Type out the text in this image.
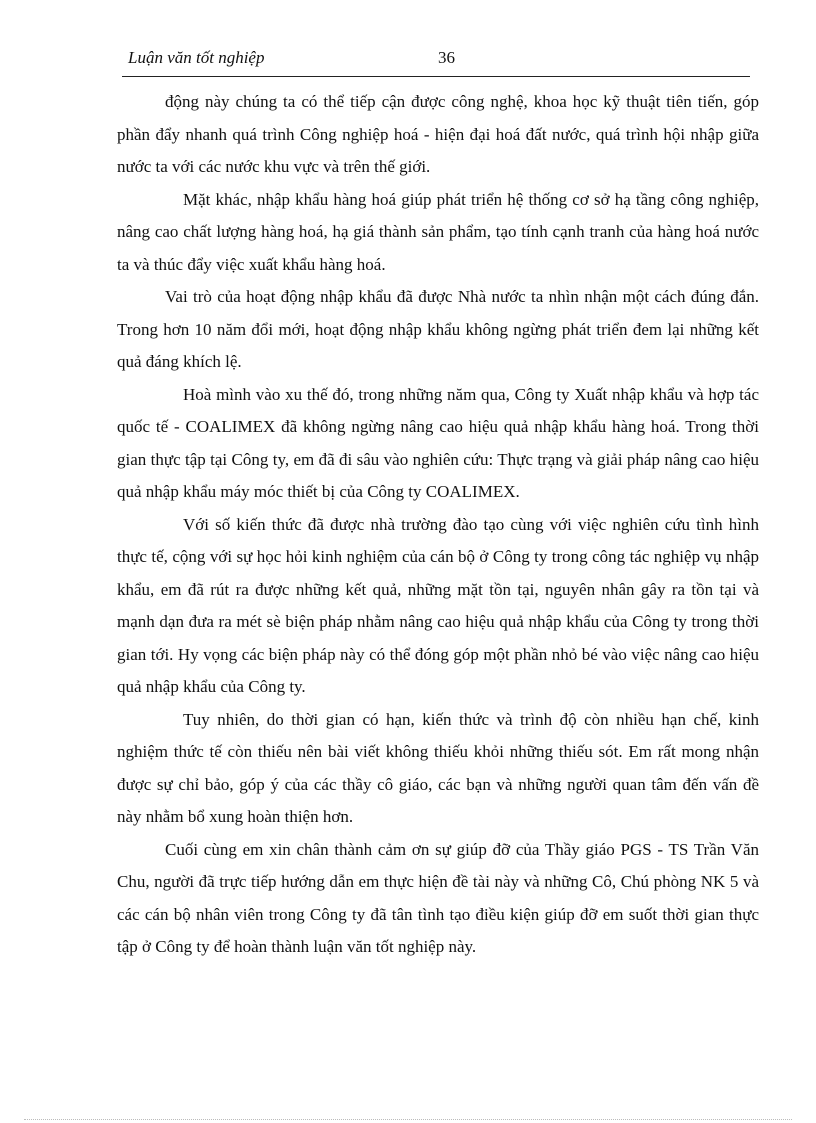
Luận văn tốt nghiệp	36

động này chúng ta có thể tiếp cận được công nghệ, khoa học kỹ thuật tiên tiến, góp phần đẩy nhanh quá trình Công nghiệp hoá - hiện đại hoá đất nước, quá trình hội nhập giữa nước ta với các nước khu vực và trên thế giới.

Mặt khác, nhập khẩu hàng hoá giúp phát triển hệ thống cơ sở hạ tầng công nghiệp, nâng cao chất lượng hàng hoá, hạ giá thành sản phẩm, tạo tính cạnh tranh của hàng hoá nước ta và thúc đẩy việc xuất khẩu hàng hoá.

Vai trò của hoạt động nhập khẩu đã được Nhà nước ta nhìn nhận một cách đúng đắn. Trong hơn 10 năm đổi mới, hoạt động nhập khẩu không ngừng phát triển đem lại những kết quả đáng khích lệ.

Hoà mình vào xu thế đó, trong những năm qua, Công ty Xuất nhập khẩu và hợp tác quốc tế - COALIMEX đã không ngừng nâng cao hiệu quả nhập khẩu hàng hoá. Trong thời gian thực tập tại Công ty, em đã đi sâu vào nghiên cứu: Thực trạng và giải pháp nâng cao hiệu quả nhập khẩu máy móc thiết bị của Công ty COALIMEX.

Với số kiến thức đã được nhà trường đào tạo cùng với việc nghiên cứu tình hình thực tế, cộng với sự học hỏi kinh nghiệm của cán bộ ở Công ty trong công tác nghiệp vụ nhập khẩu, em đã rút ra được những kết quả, những mặt tồn tại, nguyên nhân gây ra tồn tại và mạnh dạn đưa ra mét sè biện pháp nhằm nâng cao hiệu quả nhập khẩu của Công ty trong thời gian tới. Hy vọng các biện pháp này có thể đóng góp một phần nhỏ bé vào việc nâng cao hiệu quả nhập khẩu của Công ty.

Tuy nhiên, do thời gian có hạn, kiến thức và trình độ còn nhiều hạn chế, kinh nghiệm thức tế còn thiếu nên bài viết không thiếu khỏi những thiếu sót. Em rất mong nhận được sự chỉ bảo, góp ý của các thầy cô giáo, các bạn và những người quan tâm đến vấn đề này nhằm bổ xung hoàn thiện hơn.

Cuối cùng em xin chân thành cảm ơn sự giúp đỡ của Thầy giáo PGS - TS Trần Văn Chu, người đã trực tiếp hướng dẫn em thực hiện đề tài này và những Cô, Chú phòng NK 5 và các cán bộ nhân viên trong Công ty đã tân tình tạo điều kiện giúp đỡ em suốt thời gian thực tập ở Công ty để hoàn thành luận văn tốt nghiệp này.
